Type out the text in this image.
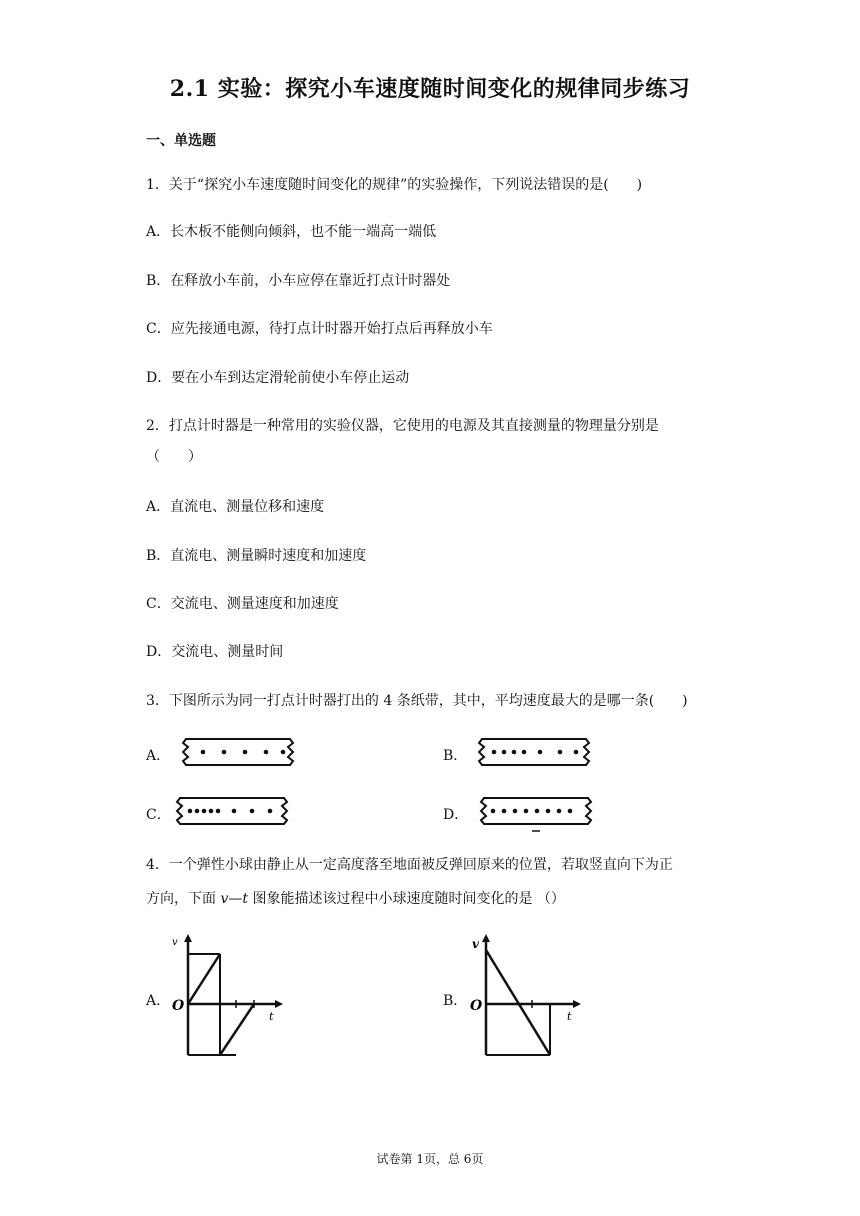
2.1 实验：探究小车速度随时间变化的规律同步练习
一、单选题
1．关于“探究小车速度随时间变化的规律”的实验操作，下列说法错误的是(　　)
A．长木板不能侧向倾斜，也不能一端高一端低
B．在释放小车前，小车应停在靠近打点计时器处
C．应先接通电源，待打点计时器开始打点后再释放小车
D．要在小车到达定滑轮前使小车停止运动
2．打点计时器是一种常用的实验仪器，它使用的电源及其直接测量的物理量分别是
（　　）
A．直流电、测量位移和速度
B．直流电、测量瞬时速度和加速度
C．交流电、测量速度和加速度
D．交流电、测量时间
3．下图所示为同一打点计时器打出的 4 条纸带，其中，平均速度最大的是哪一条(　　)
A．	B．
C．	D．
4．一个弹性小球由静止从一定高度落至地面被反弹回原来的位置，若取竖直向下为正
方向，下面 v—t 图象能描述该过程中小球速度随时间变化的是 （）
A．
v
O
t
B．
v
O
t
试卷第 1页，总 6页
